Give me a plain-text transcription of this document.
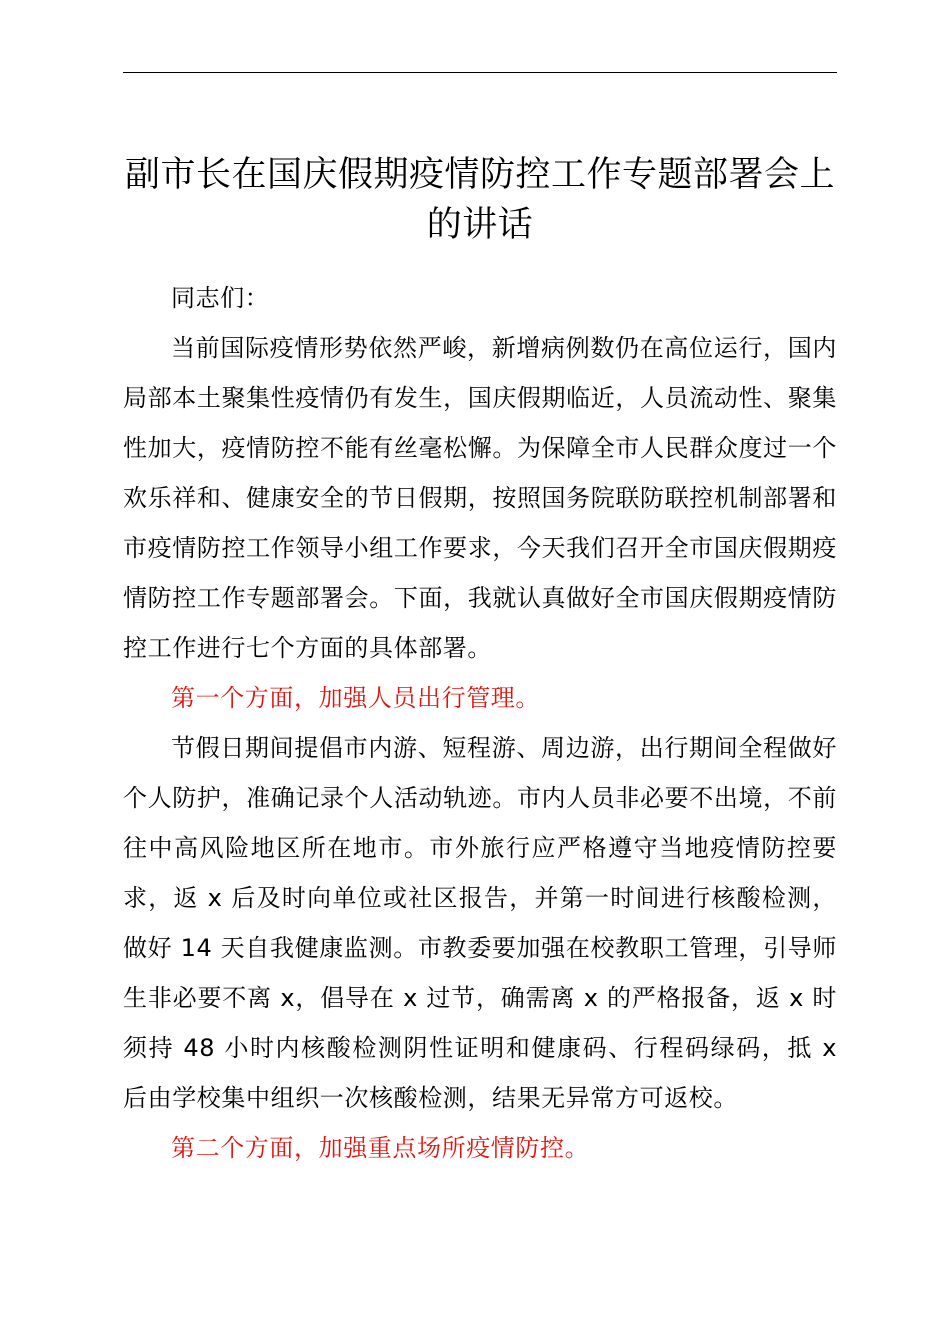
副市长在国庆假期疫情防控工作专题部署会上的讲话

同志们：

当前国际疫情形势依然严峻，新增病例数仍在高位运行，国内局部本土聚集性疫情仍有发生，国庆假期临近，人员流动性、聚集性加大，疫情防控不能有丝毫松懈。为保障全市人民群众度过一个欢乐祥和、健康安全的节日假期，按照国务院联防联控机制部署和市疫情防控工作领导小组工作要求，今天我们召开全市国庆假期疫情防控工作专题部署会。下面，我就认真做好全市国庆假期疫情防控工作进行七个方面的具体部署。

第一个方面，加强人员出行管理。

节假日期间提倡市内游、短程游、周边游，出行期间全程做好个人防护，准确记录个人活动轨迹。市内人员非必要不出境，不前往中高风险地区所在地市。市外旅行应严格遵守当地疫情防控要求，返 x 后及时向单位或社区报告，并第一时间进行核酸检测，做好 14 天自我健康监测。市教委要加强在校教职工管理，引导师生非必要不离 x，倡导在 x 过节，确需离 x 的严格报备，返 x 时须持 48 小时内核酸检测阴性证明和健康码、行程码绿码，抵 x 后由学校集中组织一次核酸检测，结果无异常方可返校。

第二个方面，加强重点场所疫情防控。
